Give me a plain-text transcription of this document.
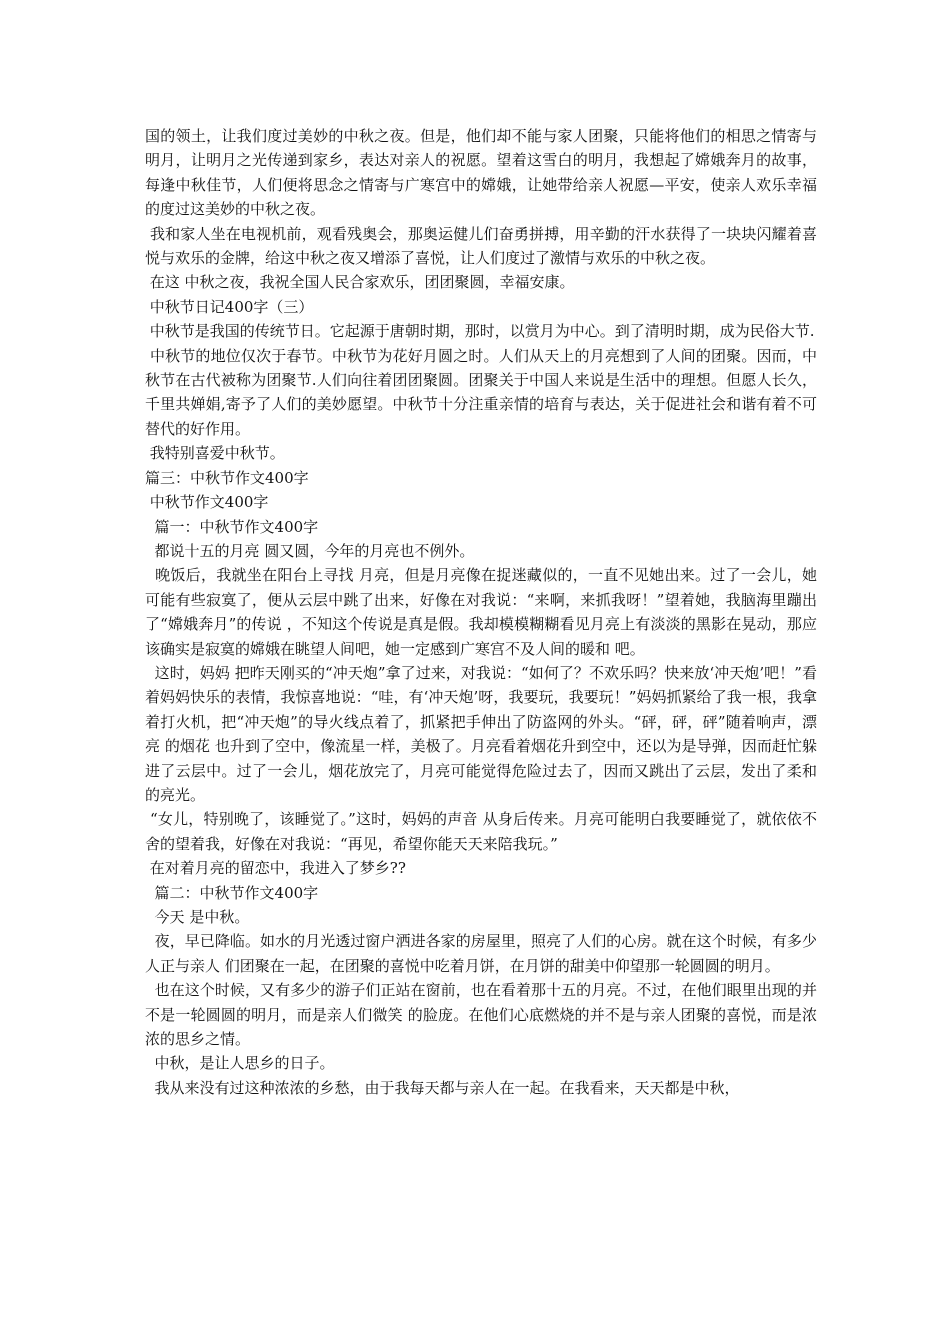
国的领土，让我们度过美妙的中秋之夜。但是，他们却不能与家人团聚，只能将他们的相思之情寄与明月，让明月之光传递到家乡，表达对亲人的祝愿。望着这雪白的明月，我想起了嫦娥奔月的故事，每逢中秋佳节，人们便将思念之情寄与广寒宫中的嫦娥，让她带给亲人祝愿—平安，使亲人欢乐幸福的度过这美妙的中秋之夜。

我和家人坐在电视机前，观看残奥会，那奥运健儿们奋勇拼搏，用辛勤的汗水获得了一块块闪耀着喜悦与欢乐的金牌，给这中秋之夜又增添了喜悦，让人们度过了激情与欢乐的中秋之夜。

在这 中秋之夜，我祝全国人民合家欢乐，团团聚圆，幸福安康。

中秋节日记400字（三）

中秋节是我国的传统节日。它起源于唐朝时期，那时，以赏月为中心。到了清明时期，成为民俗大节.

中秋节的地位仅次于春节。中秋节为花好月圆之时。人们从天上的月亮想到了人间的团聚。因而，中秋节在古代被称为团聚节.人们向往着团团聚圆。团聚关于中国人来说是生活中的理想。但愿人长久，千里共婵娟,寄予了人们的美妙愿望。中秋节十分注重亲情的培育与表达，关于促进社会和谐有着不可替代的好作用。

我特别喜爱中秋节。

篇三：中秋节作文400字

中秋节作文400字

篇一：中秋节作文400字

都说十五的月亮 圆又圆，今年的月亮也不例外。

晚饭后，我就坐在阳台上寻找 月亮，但是月亮像在捉迷藏似的，一直不见她出来。过了一会儿，她可能有些寂寞了，便从云层中跳了出来，好像在对我说：“来啊，来抓我呀！”望着她，我脑海里蹦出了“嫦娥奔月”的传说 ，不知这个传说是真是假。我却模模糊糊看见月亮上有淡淡的黑影在晃动，那应该确实是寂寞的嫦娥在眺望人间吧，她一定感到广寒宫不及人间的暖和 吧。

这时，妈妈 把昨天刚买的“冲天炮”拿了过来，对我说：“如何了？不欢乐吗？快来放‘冲天炮’吧！”看着妈妈快乐的表情，我惊喜地说：“哇，有‘冲天炮’呀，我要玩，我要玩！”妈妈抓紧给了我一根，我拿着打火机，把“冲天炮”的导火线点着了，抓紧把手伸出了防盗网的外头。“砰，砰，砰”随着响声，漂亮 的烟花 也升到了空中，像流星一样，美极了。月亮看着烟花升到空中，还以为是导弹，因而赶忙躲进了云层中。过了一会儿，烟花放完了，月亮可能觉得危险过去了，因而又跳出了云层，发出了柔和的亮光。

“女儿，特别晚了，该睡觉了。”这时，妈妈的声音 从身后传来。月亮可能明白我要睡觉了，就依依不舍的望着我，好像在对我说：“再见，希望你能天天来陪我玩。”

在对着月亮的留恋中，我进入了梦乡??

篇二：中秋节作文400字

今天 是中秋。

夜，早已降临。如水的月光透过窗户洒进各家的房屋里，照亮了人们的心房。就在这个时候，有多少人正与亲人 们团聚在一起，在团聚的喜悦中吃着月饼，在月饼的甜美中仰望那一轮圆圆的明月。

也在这个时候，又有多少的游子们正站在窗前，也在看着那十五的月亮。不过，在他们眼里出现的并不是一轮圆圆的明月，而是亲人们微笑 的脸庞。在他们心底燃烧的并不是与亲人团聚的喜悦，而是浓浓的思乡之情。

中秋，是让人思乡的日子。

我从来没有过这种浓浓的乡愁，由于我每天都与亲人在一起。在我看来，天天都是中秋，
